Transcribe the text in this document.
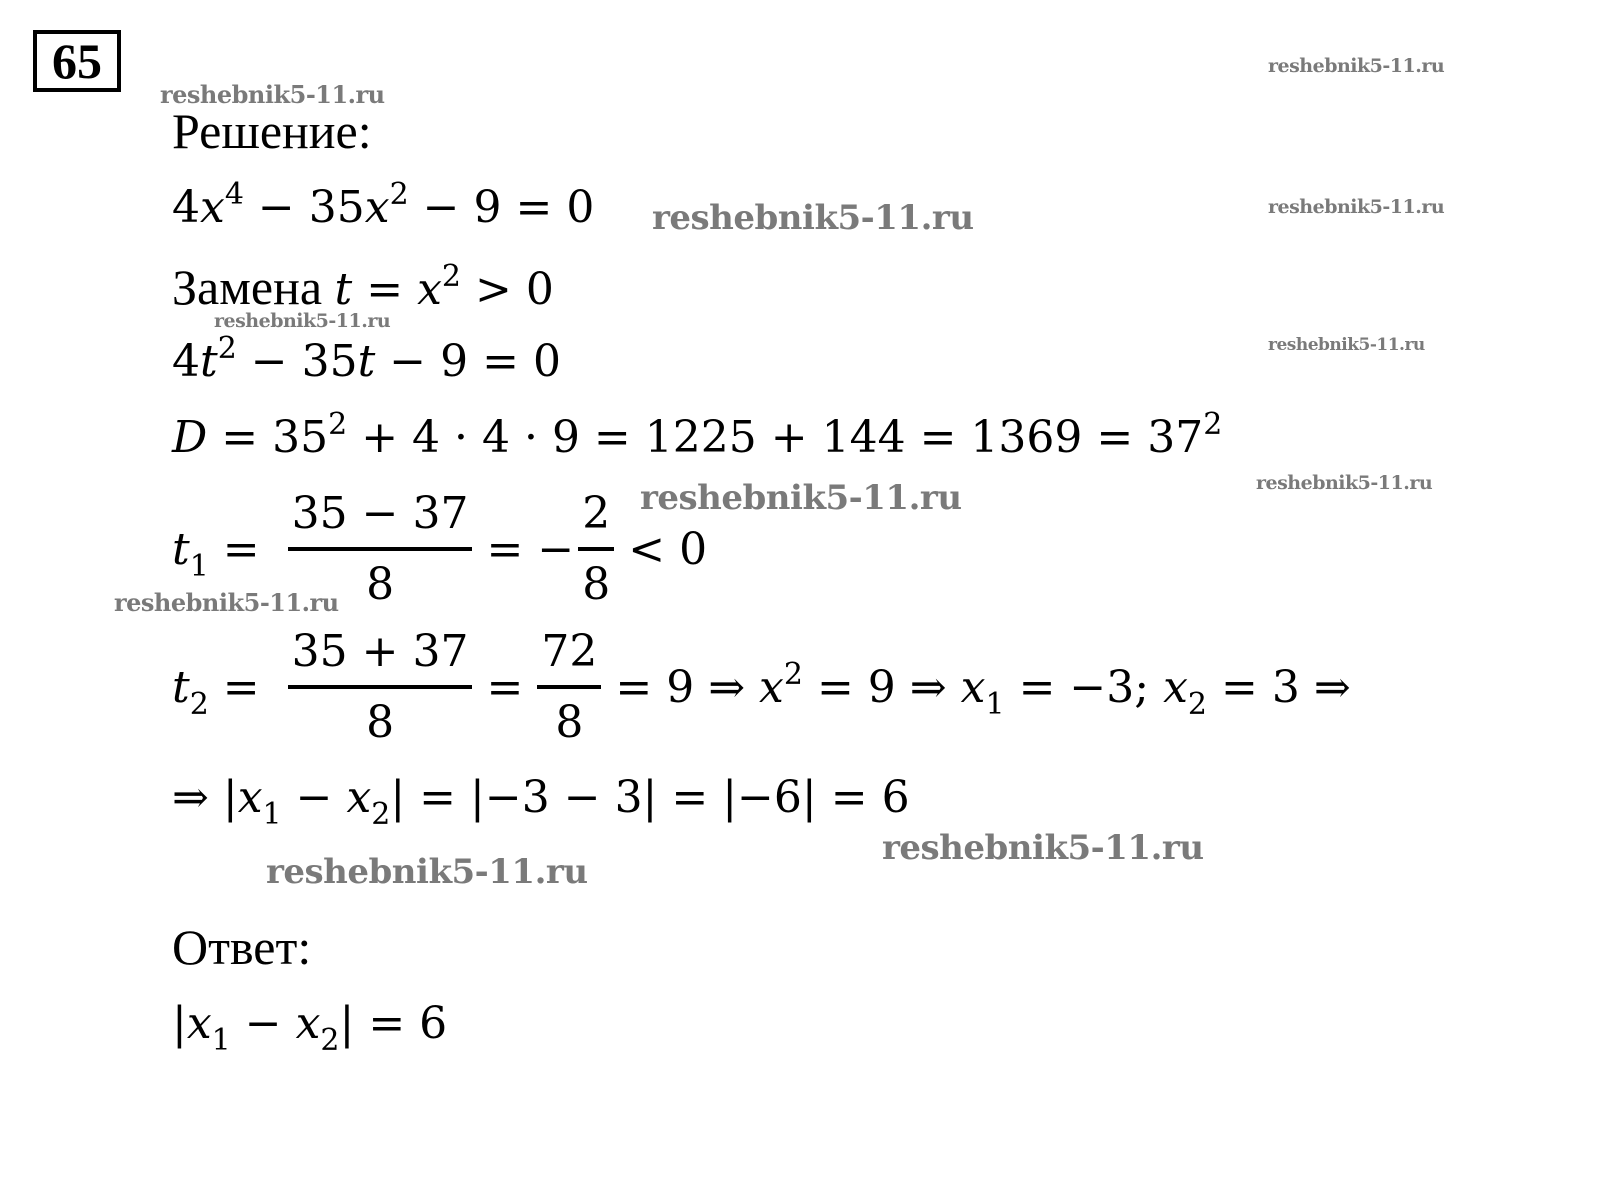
65
reshebnik5-11.ru
reshebnik5-11.ru
reshebnik5-11.ru	reshebnik5-11.ru
reshebnik5-11.ru
reshebnik5-11.ru
reshebnik5-11.ru	reshebnik5-11.ru
reshebnik5-11.ru
reshebnik5-11.ru
reshebnik5-11.ru
Решение:
$4x^4 - 35x^2 - 9 = 0$
Замена $t = x^2 > 0$
$4t^2 - 35t - 9 = 0$
$D = 35^2 + 4 \cdot 4 \cdot 9 = 1225 + 144 = 1369 = 37^2$
$t_1 = \frac{35 - 37}{8}$ = − $\frac{2}{8} < 0$
$t_2 = \frac{35 + 37}{8} = \frac{72}{8} = 9$ ⇒ $x^2 = 9$ ⇒ $x_1 = -3$; $x_2 = 3$ ⇒
⇒ $|x_1 - x_2| = |-3 - 3| = |-6| = 6$
Ответ:
$|x_1 - x_2| = 6$
